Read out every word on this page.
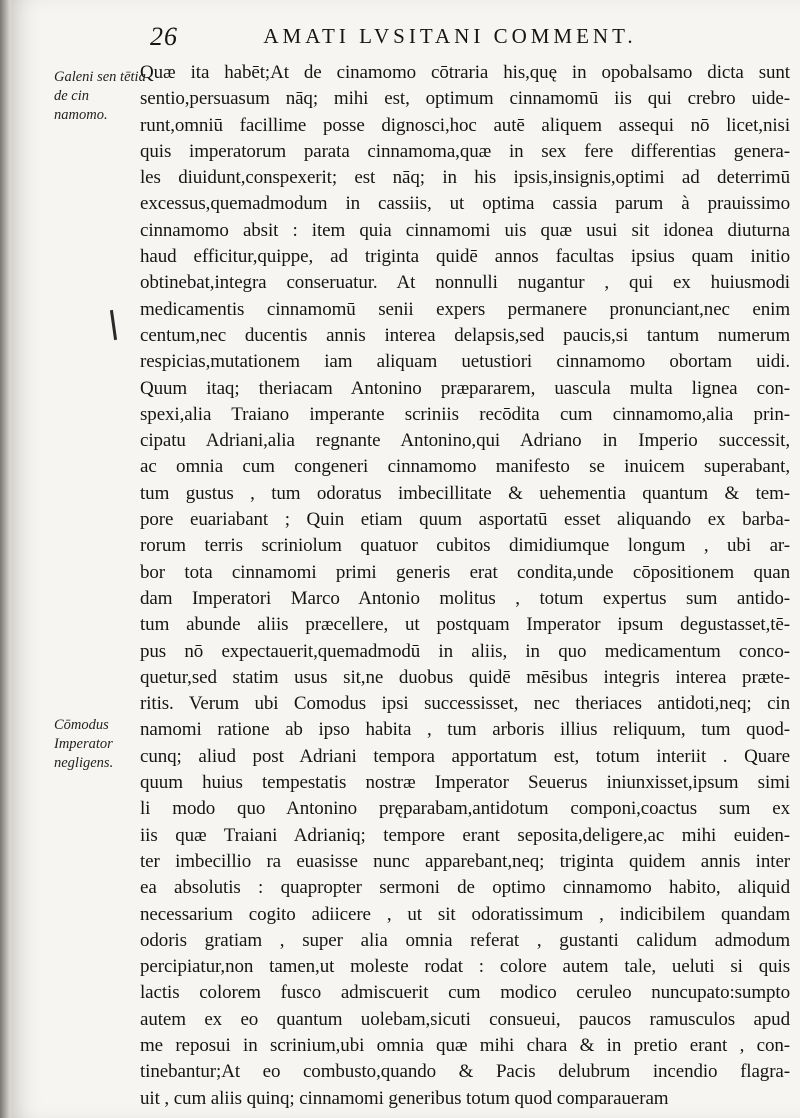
26	AMATI LVSITANI COMMENT.
Galeni sen tētia de cin namomo.
Cōmodus Imperator negligens.
Quæ ita habēt;At de cinamomo cōtraria his,quę in opobalsamo dicta sunt
sentio,persuasum nāq; mihi est, optimum cinnamomū iis qui crebro uide-
runt,omniū facillime posse dignosci,hoc autē aliquem assequi nō licet,nisi
quis imperatorum parata cinnamoma,quæ in sex fere differentias genera-
les diuidunt,conspexerit; est nāq; in his ipsis,insignis,optimi ad deterrimū
excessus,quemadmodum in cassiis, ut optima cassia parum à prauissimo
cinnamomo absit : item quia cinnamomi uis quæ usui sit idonea diuturna
haud efficitur,quippe, ad triginta quidē annos facultas ipsius quam initio
obtinebat,integra conseruatur. At nonnulli nugantur , qui ex huiusmodi
medicamentis cinnamomū senii expers permanere pronunciant,nec enim
centum,nec ducentis annis interea delapsis,sed paucis,si tantum numerum
respicias,mutationem iam aliquam uetustiori cinnamomo obortam uidi.
Quum itaq; theriacam Antonino præpararem, uascula multa lignea con-
spexi,alia Traiano imperante scriniis recōdita cum cinnamomo,alia prin-
cipatu Adriani,alia regnante Antonino,qui Adriano in Imperio successit,
ac omnia cum congeneri cinnamomo manifesto se inuicem superabant,
tum gustus , tum odoratus imbecillitate & uehementia quantum & tem-
pore euariabant ; Quin etiam quum asportatū esset aliquando ex barba-
rorum terris scriniolum quatuor cubitos dimidiumque longum , ubi ar-
bor tota cinnamomi primi generis erat condita,unde cōpositionem quan
dam Imperatori Marco Antonio molitus , totum expertus sum antido-
tum abunde aliis præcellere, ut postquam Imperator ipsum degustasset,tē-
pus nō expectauerit,quemadmodū in aliis, in quo medicamentum conco-
quetur,sed statim usus sit,ne duobus quidē mēsibus integris interea præte-
ritis. Verum ubi Comodus ipsi successisset, nec theriaces antidoti,neq; cin
namomi ratione ab ipso habita , tum arboris illius reliquum, tum quod-
cunq; aliud post Adriani tempora apportatum est, totum interiit . Quare
quum huius tempestatis nostræ Imperator Seuerus iniunxisset,ipsum simi
li modo quo Antonino pręparabam,antidotum componi,coactus sum ex
iis quæ Traiani Adrianiq; tempore erant seposita,deligere,ac mihi euiden-
ter imbecillio ra euasisse nunc apparebant,neq; triginta quidem annis inter
ea absolutis : quapropter sermoni de optimo cinnamomo habito, aliquid
necessarium cogito adiicere , ut sit odoratissimum , indicibilem quandam
odoris gratiam , super alia omnia referat , gustanti calidum admodum
percipiatur,non tamen,ut moleste rodat : colore autem tale, ueluti si quis
lactis colorem fusco admiscuerit cum modico ceruleo nuncupato:sumpto
autem ex eo quantum uolebam,sicuti consueui, paucos ramusculos apud
me reposui in scrinium,ubi omnia quæ mihi chara & in pretio erant , con-
tinebantur;At eo combusto,quando & Pacis delubrum incendio flagra-
uit , cum aliis quinq; cinnamomi generibus totum quod comparaueram
